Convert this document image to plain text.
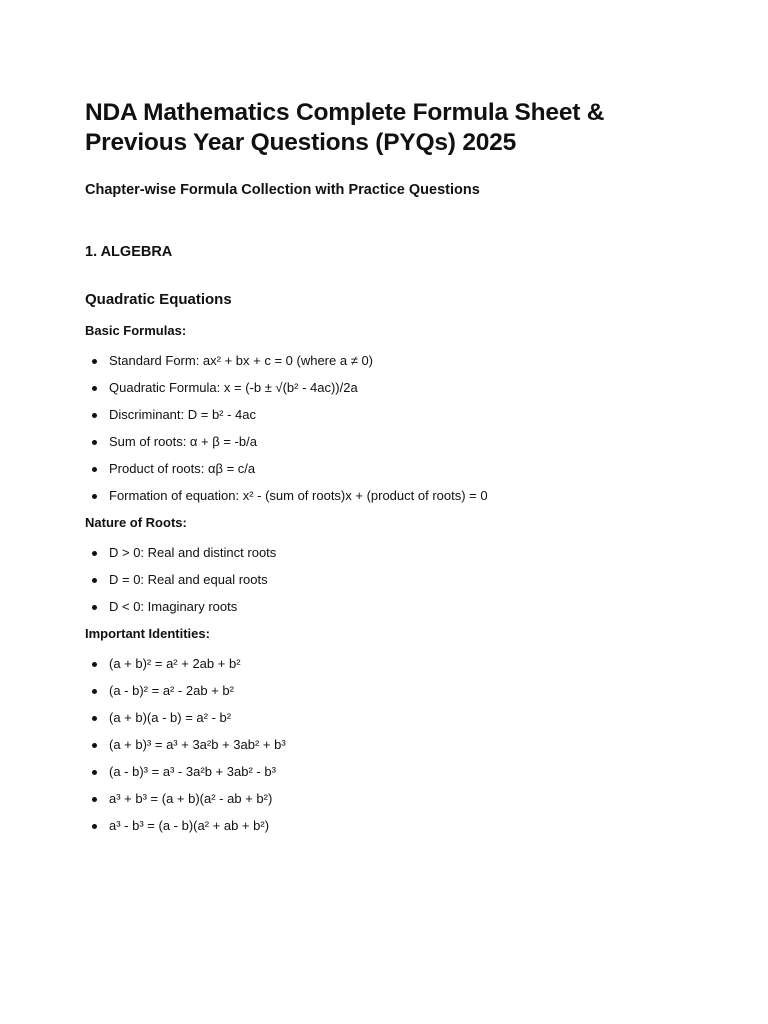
NDA Mathematics Complete Formula Sheet &
Previous Year Questions (PYQs) 2025

Chapter-wise Formula Collection with Practice Questions

1. ALGEBRA

Quadratic Equations

Basic Formulas:

Standard Form: ax² + bx + c = 0 (where a ≠ 0)
Quadratic Formula: x = (-b ± √(b² - 4ac))/2a
Discriminant: D = b² - 4ac
Sum of roots: α + β = -b/a
Product of roots: αβ = c/a
Formation of equation: x² - (sum of roots)x + (product of roots) = 0

Nature of Roots:

D > 0: Real and distinct roots
D = 0: Real and equal roots
D < 0: Imaginary roots

Important Identities:

(a + b)² = a² + 2ab + b²
(a - b)² = a² - 2ab + b²
(a + b)(a - b) = a² - b²
(a + b)³ = a³ + 3a²b + 3ab² + b³
(a - b)³ = a³ - 3a²b + 3ab² - b³
a³ + b³ = (a + b)(a² - ab + b²)
a³ - b³ = (a - b)(a² + ab + b²)
